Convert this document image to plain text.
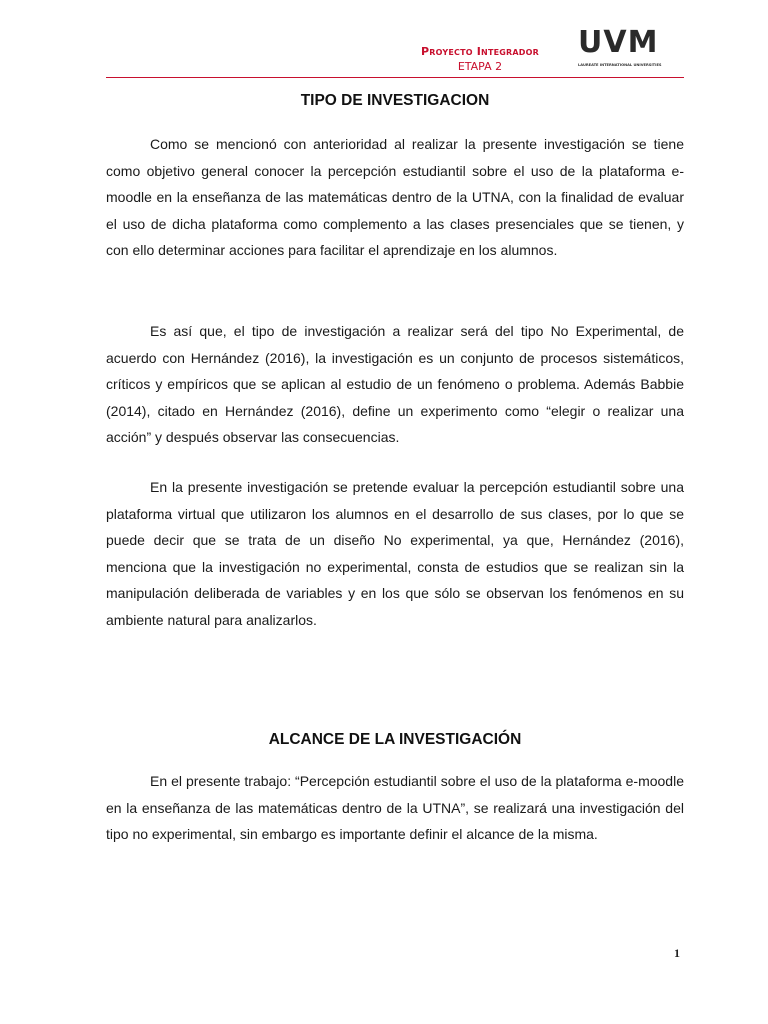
Proyecto Integrador
ETAPA 2
UVM
LAUREATE INTERNATIONAL UNIVERSITIES
TIPO DE INVESTIGACION

Como se mencionó con anterioridad al realizar la presente investigación se tiene como objetivo general conocer la percepción estudiantil sobre el uso de la plataforma e-moodle en la enseñanza de las matemáticas dentro de la UTNA, con la finalidad de evaluar el uso de dicha plataforma como complemento a las clases presenciales que se tienen, y con ello determinar acciones para facilitar el aprendizaje en los alumnos.

Es así que, el tipo de investigación a realizar será del tipo No Experimental, de acuerdo con Hernández (2016), la investigación es un conjunto de procesos sistemáticos, críticos y empíricos que se aplican al estudio de un fenómeno o problema. Además Babbie (2014), citado en Hernández (2016), define un experimento como “elegir o realizar una acción” y después observar las consecuencias.

En la presente investigación se pretende evaluar la percepción estudiantil sobre una plataforma virtual que utilizaron los alumnos en el desarrollo de sus clases, por lo que se puede decir que se trata de un diseño No experimental, ya que, Hernández (2016), menciona que la investigación no experimental, consta de estudios que se realizan sin la manipulación deliberada de variables y en los que sólo se observan los fenómenos en su ambiente natural para analizarlos.

ALCANCE DE LA INVESTIGACIÓN

En el presente trabajo: “Percepción estudiantil sobre el uso de la plataforma e-moodle en la enseñanza de las matemáticas dentro de la UTNA”, se realizará una investigación del tipo no experimental, sin embargo es importante definir el alcance de la misma.

1
